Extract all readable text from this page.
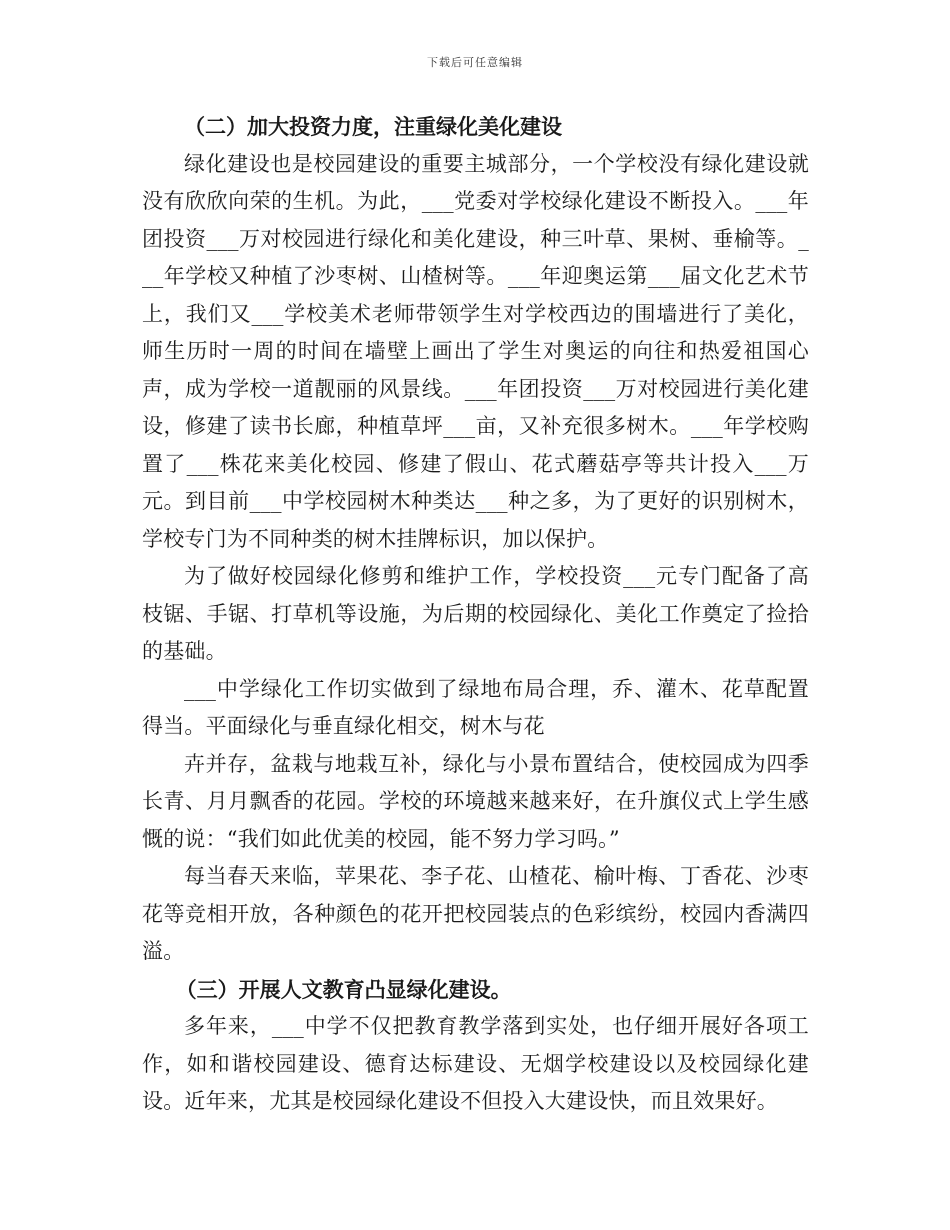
下载后可任意编辑

（二）加大投资力度，注重绿化美化建设

绿化建设也是校园建设的重要主城部分，一个学校没有绿化建设就没有欣欣向荣的生机。为此，___党委对学校绿化建设不断投入。___年团投资___万对校园进行绿化和美化建设，种三叶草、果树、垂榆等。___年学校又种植了沙枣树、山楂树等。___年迎奥运第___届文化艺术节上，我们又___学校美术老师带领学生对学校西边的围墙进行了美化，师生历时一周的时间在墙壁上画出了学生对奥运的向往和热爱祖国心声，成为学校一道靓丽的风景线。___年团投资___万对校园进行美化建设，修建了读书长廊，种植草坪___亩，又补充很多树木。___年学校购置了___株花来美化校园、修建了假山、花式蘑菇亭等共计投入___万元。到目前___中学校园树木种类达___种之多，为了更好的识别树木，学校专门为不同种类的树木挂牌标识，加以保护。

为了做好校园绿化修剪和维护工作，学校投资___元专门配备了高枝锯、手锯、打草机等设施，为后期的校园绿化、美化工作奠定了捡拾的基础。

___中学绿化工作切实做到了绿地布局合理，乔、灌木、花草配置得当。平面绿化与垂直绿化相交，树木与花

卉并存，盆栽与地栽互补，绿化与小景布置结合，使校园成为四季长青、月月飘香的花园。学校的环境越来越来好，在升旗仪式上学生感慨的说：“我们如此优美的校园，能不努力学习吗。”

每当春天来临，苹果花、李子花、山楂花、榆叶梅、丁香花、沙枣花等竞相开放，各种颜色的花开把校园装点的色彩缤纷，校园内香满四溢。

（三）开展人文教育凸显绿化建设。

多年来，___中学不仅把教育教学落到实处，也仔细开展好各项工作，如和谐校园建设、德育达标建设、无烟学校建设以及校园绿化建设。近年来，尤其是校园绿化建设不但投入大建设快，而且效果好。
